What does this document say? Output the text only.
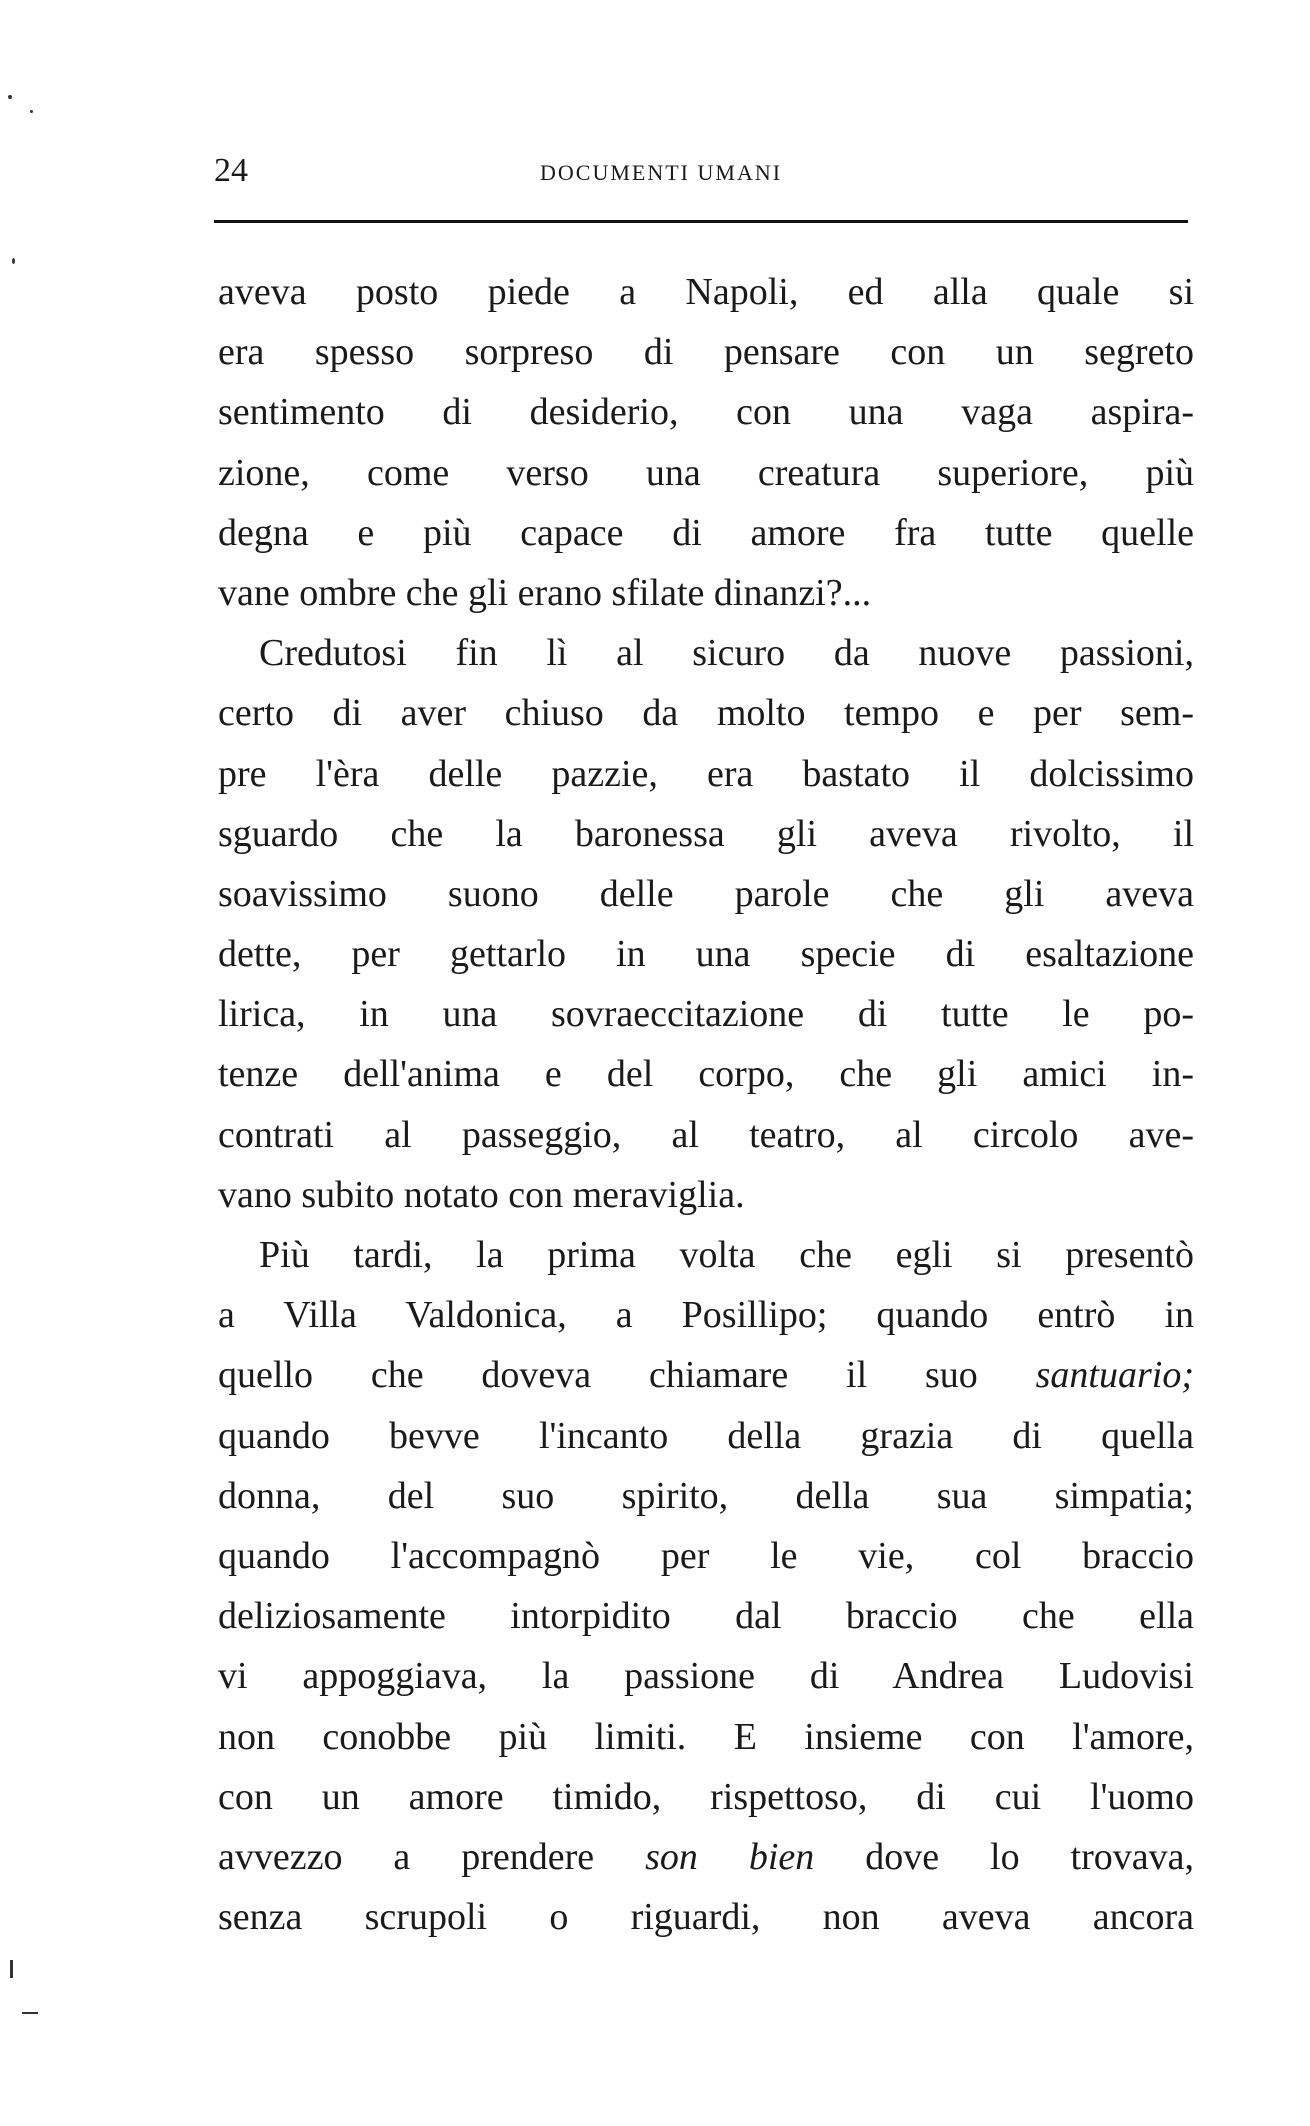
24	DOCUMENTI UMANI
aveva posto piede a Napoli, ed alla quale si
era spesso sorpreso di pensare con un segreto
sentimento di desiderio, con una vaga aspira-
zione, come verso una creatura superiore, più
degna e più capace di amore fra tutte quelle
vane ombre che gli erano sfilate dinanzi?...
Credutosi fin lì al sicuro da nuove passioni,
certo di aver chiuso da molto tempo e per sem-
pre l'èra delle pazzie, era bastato il dolcissimo
sguardo che la baronessa gli aveva rivolto, il
soavissimo suono delle parole che gli aveva
dette, per gettarlo in una specie di esaltazione
lirica, in una sovraeccitazione di tutte le po-
tenze dell'anima e del corpo, che gli amici in-
contrati al passeggio, al teatro, al circolo ave-
vano subito notato con meraviglia.
Più tardi, la prima volta che egli si presentò
a Villa Valdonica, a Posillipo; quando entrò in
quello che doveva chiamare il suo santuario;
quando bevve l'incanto della grazia di quella
donna, del suo spirito, della sua simpatia;
quando l'accompagnò per le vie, col braccio
deliziosamente intorpidito dal braccio che ella
vi appoggiava, la passione di Andrea Ludovisi
non conobbe più limiti. E insieme con l'amore,
con un amore timido, rispettoso, di cui l'uomo
avvezzo a prendere son bien dove lo trovava,
senza scrupoli o riguardi, non aveva ancora
